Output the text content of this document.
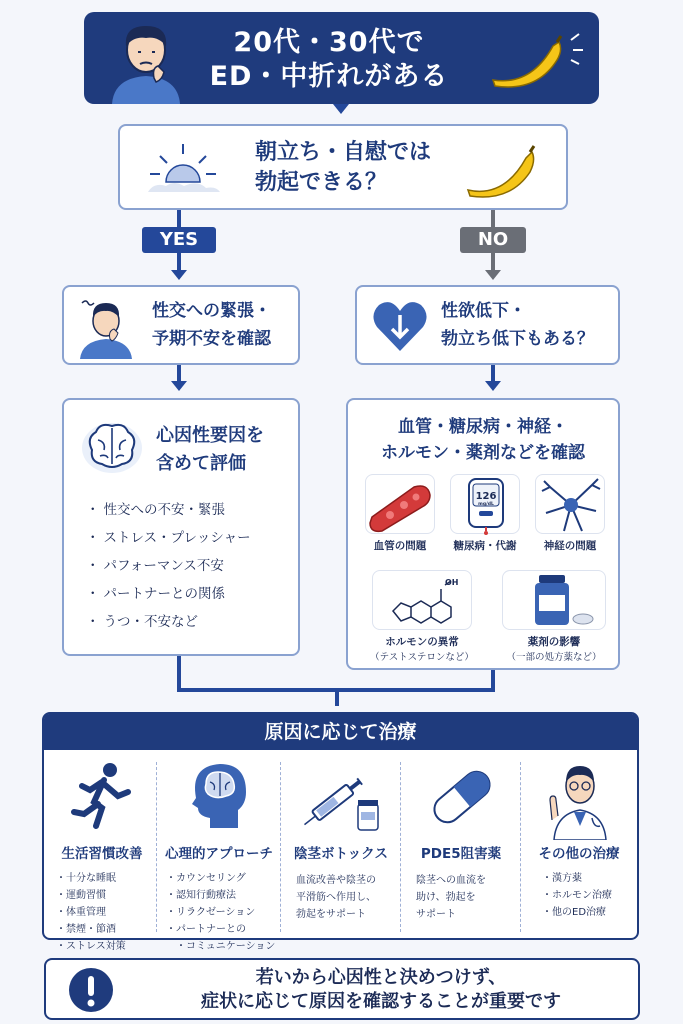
20代・30代で
ED・中折れがある
朝立ち・自慰では
勃起できる？
YES	NO
性交への緊張・
予期不安を確認
性欲低下・
勃立ち低下もある？
心因性要因を
含めて評価
・ 性交への不安・緊張
・ ストレス・プレッシャー
・ パフォーマンス不安
・ パートナーとの関係
・ うつ・不安など
血管・糖尿病・神経・
ホルモン・薬剤などを確認
血管の問題
126
mg/dL
糖尿病・代謝	神経の問題
OH
ホルモンの異常
（テストステロンなど）
薬剤の影響
（一部の処方薬など）
原因に応じて治療
生活習慣改善
・ 十分な睡眠
・ 運動習慣
・ 体重管理
・ 禁煙・節酒
・ ストレス対策
心理的アプローチ
・ カウンセリング
・ 認知行動療法
・ リラクゼーション
・ パートナーとの
・ コミュニケーション
陰茎ボトックス
血流改善や陰茎の
平滑筋へ作用し、
勃起をサポート
PDE5阻害薬
陰茎への血流を
助け、勃起を
サポート
その他の治療
・ 漢方薬
・ ホルモン治療
・ 他のED治療
若いから心因性と決めつけず、
症状に応じて原因を確認することが重要です
